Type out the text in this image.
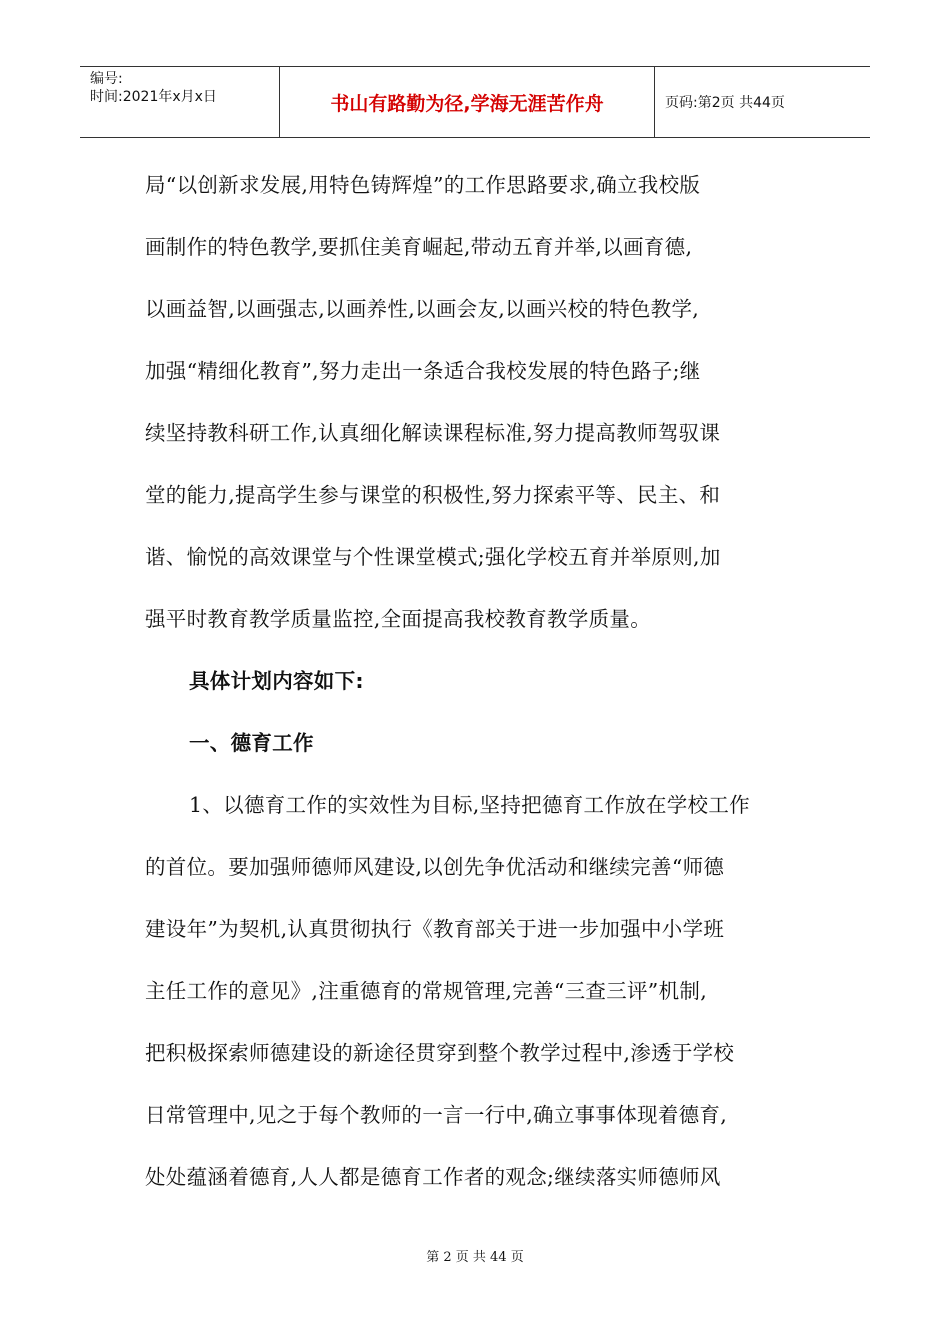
编号:
时间:2021年x月x日	书山有路勤为径,学海无涯苦作舟	页码:第2页 共44页

局“以创新求发展,用特色铸辉煌”的工作思路要求,确立我校版

画制作的特色教学,要抓住美育崛起,带动五育并举,以画育德,

以画益智,以画强志,以画养性,以画会友,以画兴校的特色教学,

加强“精细化教育”,努力走出一条适合我校发展的特色路子;继

续坚持教科研工作,认真细化解读课程标准,努力提高教师驾驭课

堂的能力,提高学生参与课堂的积极性,努力探索平等、民主、和

谐、愉悦的高效课堂与个性课堂模式;强化学校五育并举原则,加

强平时教育教学质量监控,全面提高我校教育教学质量。

具体计划内容如下:

一、德育工作

1、以德育工作的实效性为目标,坚持把德育工作放在学校工作

的首位。要加强师德师风建设,以创先争优活动和继续完善“师德

建设年”为契机,认真贯彻执行《教育部关于进一步加强中小学班

主任工作的意见》,注重德育的常规管理,完善“三查三评”机制,

把积极探索师德建设的新途径贯穿到整个教学过程中,渗透于学校

日常管理中,见之于每个教师的一言一行中,确立事事体现着德育,

处处蕴涵着德育,人人都是德育工作者的观念;继续落实师德师风

第 2 页 共 44 页
